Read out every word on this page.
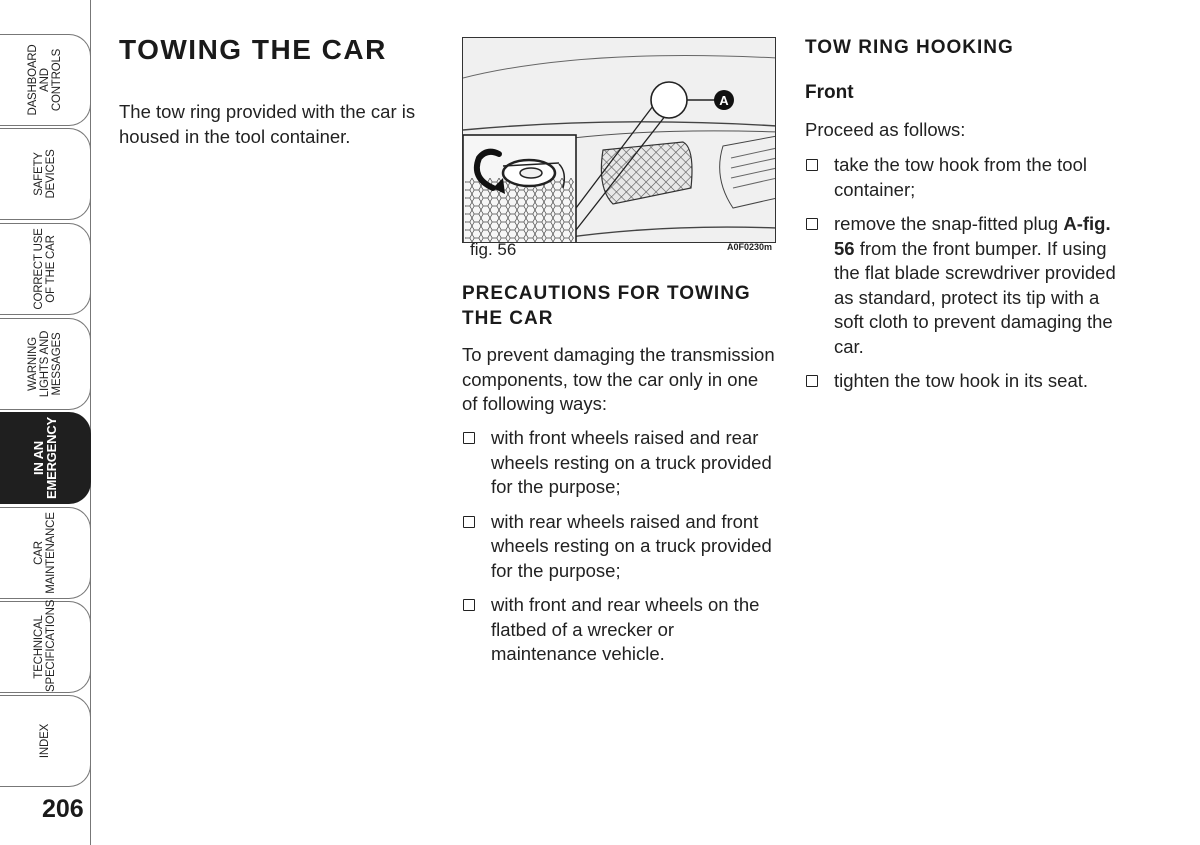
DASHBOARD
AND
CONTROLS
SAFETY
DEVICES
CORRECT USE
OF THE CAR
WARNING
LIGHTS AND
MESSAGES
IN AN
EMERGENCY
CAR
MAINTENANCE
TECHNICAL
SPECIFICATIONS
INDEX
206
TOWING THE CAR

The tow ring provided with the car is housed in the tool container.

A
fig. 56	A0F0230m
PRECAUTIONS FOR TOWING THE CAR

To prevent damaging the transmission components, tow the car only in one of following ways:

with front wheels raised and rear wheels resting on a truck provided for the purpose;
with rear wheels raised and front wheels resting on a truck provided for the purpose;
with front and rear wheels on the flatbed of a wrecker or maintenance vehicle.
TOW RING HOOKING
Front

Proceed as follows:

take the tow hook from the tool container;
remove the snap-fitted plug A-fig. 56 from the front bumper. If using the flat blade screwdriver provided as standard, protect its tip with a soft cloth to prevent damaging the car.
tighten the tow hook in its seat.
